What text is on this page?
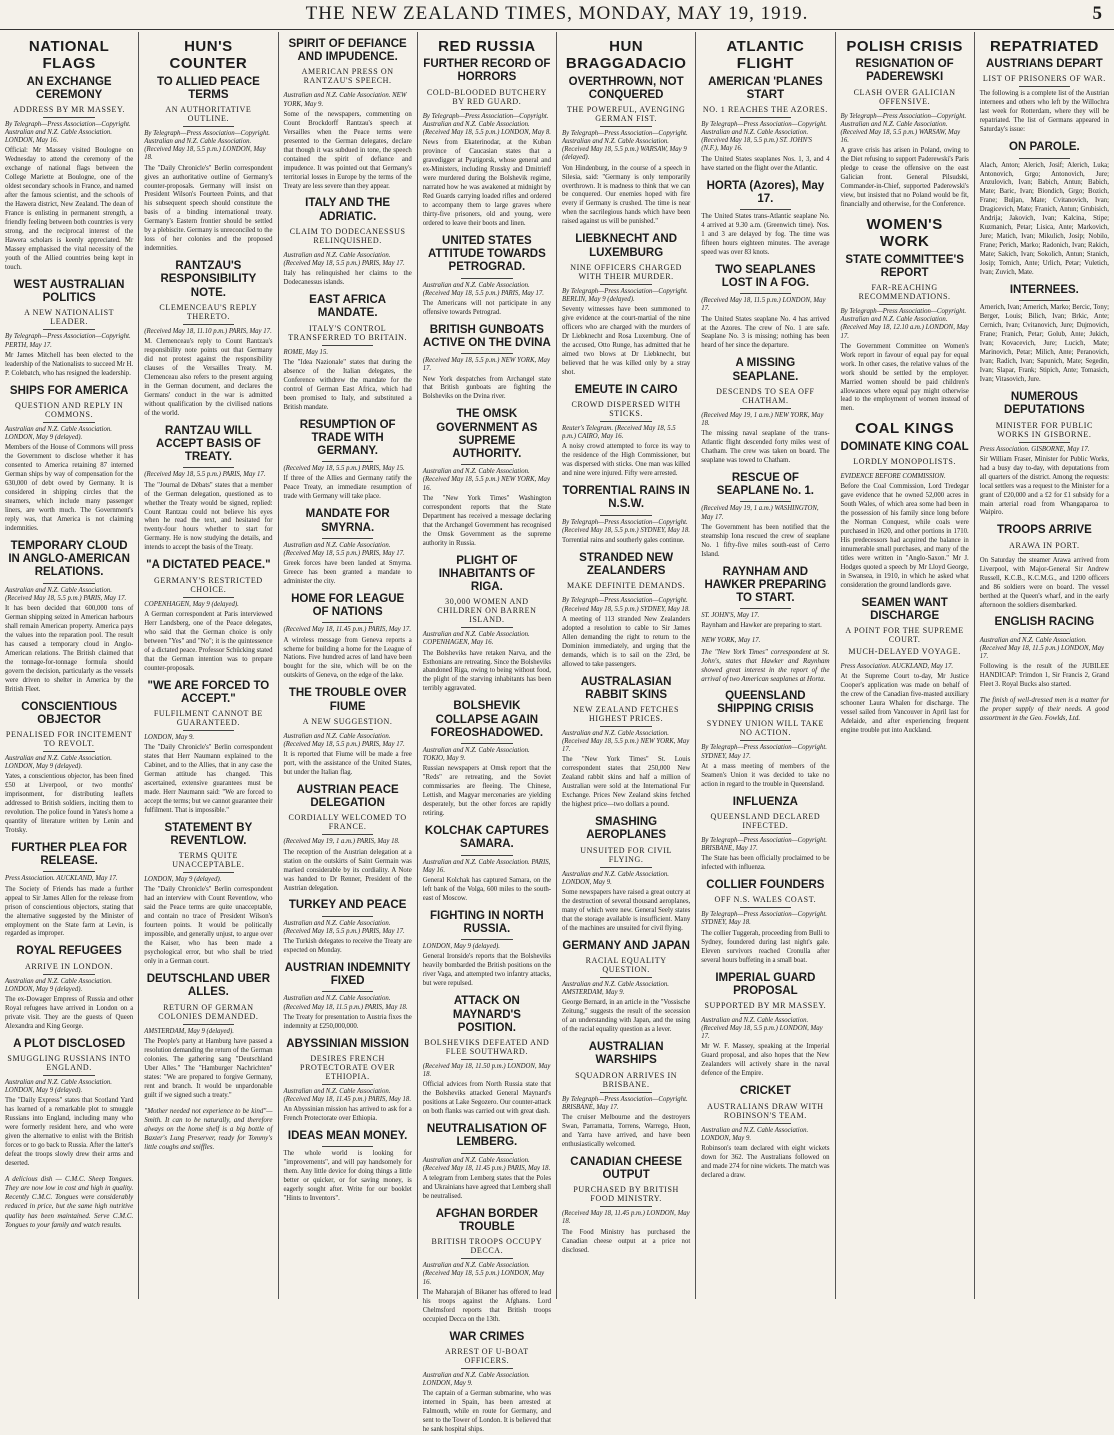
THE NEW ZEALAND TIMES, MONDAY, MAY 19, 1919.	5
NATIONAL FLAGS
AN EXCHANGE CEREMONY
ADDRESS BY MR MASSEY.
By Telegraph—Press Association—Copyright. Australian and N.Z. Cable Association. LONDON, May 16.
Official: Mr Massey visited Boulogne on Wednesday to attend the ceremony of the exchange of national flags between the College Mariette at Boulogne, one of the oldest secondary schools in France, and named after the famous scientist, and the schools of the Hawera district, New Zealand. The dean of France is enlisting in permanent strength, a friendly feeling between both countries is very strong, and the reciprocal interest of the Hawera scholars is keenly appreciated. Mr Massey emphasised the vital necessity of the youth of the Allied countries being kept in touch.
WEST AUSTRALIAN POLITICS
A NEW NATIONALIST LEADER.
By Telegraph—Press Association—Copyright. PERTH, May 17.
Mr James Mitchell has been elected to the leadership of the Nationalists to succeed Mr H. P. Colebatch, who has resigned the leadership.
SHIPS FOR AMERICA
QUESTION AND REPLY IN COMMONS.
Australian and N.Z. Cable Association. LONDON, May 9 (delayed).
Members of the House of Commons will press the Government to disclose whether it has consented to America retaining 87 interned German ships by way of compensation for the 630,000 of debt owed by Germany. It is considered in shipping circles that the steamers, which include many passenger liners, are worth much. The Government's reply was, that America is not claiming indemnities.
TEMPORARY CLOUD IN ANGLO-AMERICAN RELATIONS.
Australian and N.Z. Cable Association. (Received May 18, 5.5 p.m.) PARIS, May 17.
It has been decided that 600,000 tons of German shipping seized in American harbours shall remain American property. America pays the values into the reparation pool. The result has caused a temporary cloud in Anglo-American relations. The British claimed that the tonnage-for-tonnage formula should govern the decision, particularly as the vessels were driven to shelter in America by the British Fleet.
CONSCIENTIOUS OBJECTOR
PENALISED FOR INCITEMENT TO REVOLT.
Australian and N.Z. Cable Association. LONDON, May 9 (delayed).
Yates, a conscientious objector, has been fined £50 at Liverpool, or two months' imprisonment, for distributing leaflets addressed to British soldiers, inciting them to revolution. The police found in Yates's home a quantity of literature written by Lenin and Trotsky.
FURTHER PLEA FOR RELEASE.
Press Association. AUCKLAND, May 17.
The Society of Friends has made a further appeal to Sir James Allen for the release from prison of conscientious objectors, stating that the alternative suggested by the Minister of employment on the State farm at Levin, is regarded as improper.
ROYAL REFUGEES
ARRIVE IN LONDON.
Australian and N.Z. Cable Association. LONDON, May 9 (delayed).
The ex-Dowager Empress of Russia and other Royal refugees have arrived in London on a private visit. They are the guests of Queen Alexandra and King George.
A PLOT DISCLOSED
SMUGGLING RUSSIANS INTO ENGLAND.
Australian and N.Z. Cable Association. LONDON, May 9 (delayed).
The "Daily Express" states that Scotland Yard has learned of a remarkable plot to smuggle Russians into England, including many who were formerly resident here, and who were given the alternative to enlist with the British forces or to go back to Russia. After the latter's defeat the troops slowly drew their arms and deserted.
A delicious dish — C.M.C. Sheep Tongues. They are now low in cost and high in quality. Recently C.M.C. Tongues were considerably reduced in price, but the same high nutritive quality has been maintained. Serve C.M.C. Tongues to your family and watch results.
HUN'S COUNTER
TO ALLIED PEACE TERMS
AN AUTHORITATIVE OUTLINE.
By Telegraph—Press Association—Copyright. Australian and N.Z. Cable Association. (Received May 18, 5.5 p.m.) LONDON, May 18.
The "Daily Chronicle's" Berlin correspondent gives an authoritative outline of Germany's counter-proposals. Germany will insist on President Wilson's Fourteen Points, and that his subsequent speech should constitute the basis of a binding international treaty. Germany's Eastern frontier should be settled by a plebiscite. Germany is unreconciled to the loss of her colonies and the proposed indemnities.
RANTZAU'S RESPONSIBILITY NOTE.
CLEMENCEAU'S REPLY THERETO.
(Received May 18, 11.10 p.m.) PARIS, May 17.
M. Clemenceau's reply to Count Rantzau's responsibility note points out that Germany did not protest against the responsibility clauses of the Versailles Treaty. M. Clemenceau also refers to the present arguing in the German document, and declares the Germans' conduct in the war is admitted without qualification by the civilised nations of the world.
RANTZAU WILL ACCEPT BASIS OF TREATY.
(Received May 18, 5.5 p.m.) PARIS, May 17.
The "Journal de Débats" states that a member of the German delegation, questioned as to whether the Treaty would be signed, replied: Count Rantzau could not believe his eyes when he read the text, and hesitated for twenty-four hours whether to start for Germany. He is now studying the details, and intends to accept the basis of the Treaty.
"A DICTATED PEACE."
GERMANY'S RESTRICTED CHOICE.
COPENHAGEN, May 9 (delayed).
A German correspondent at Paris interviewed Herr Landsberg, one of the Peace delegates, who said that the German choice is only between "Yes" and "No"; it is the quintessence of a dictated peace. Professor Schücking stated that the German intention was to prepare counter-proposals.
"WE ARE FORCED TO ACCEPT."
FULFILMENT CANNOT BE GUARANTEED.
LONDON, May 9.
The "Daily Chronicle's" Berlin correspondent states that Herr Naumann explained to the Cabinet, and to the Allies, that in any case the German attitude has changed. This ascertained, extensive guarantees must be made. Herr Naumann said: "We are forced to accept the terms; but we cannot guarantee their fulfilment. That is impossible."
STATEMENT BY REVENTLOW.
TERMS QUITE UNACCEPTABLE.
LONDON, May 9 (delayed).
The "Daily Chronicle's" Berlin correspondent had an interview with Count Reventlow, who said the Peace terms are quite unacceptable, and contain no trace of President Wilson's fourteen points. It would be politically impossible, and generally unjust, to argue over the Kaiser, who has been made a psychological error, but who shall be tried only in a German court.
DEUTSCHLAND UBER ALLES.
RETURN OF GERMAN COLONIES DEMANDED.
AMSTERDAM, May 9 (delayed).
The People's party at Hamburg have passed a resolution demanding the return of the German colonies. The gathering sang "Deutschland Uber Alles." The "Hamburger Nachrichten" states: "We are prepared to forgive Germany, rent and branch. It would be unpardonable guilt if we signed such a treaty."
"Mother needed not experience to be kind"—Smith. It can to be naturally, and therefore always on the home shelf is a big bottle of Baxter's Lung Preserver, ready for Tommy's little coughs and sniffles.
SPIRIT OF DEFIANCE AND IMPUDENCE.
AMERICAN PRESS ON RANTZAU'S SPEECH.
Australian and N.Z. Cable Association. NEW YORK, May 9.
Some of the newspapers, commenting on Count Brockdorff Rantzau's speech at Versailles when the Peace terms were presented to the German delegates, declare that though it was subdued in tone, the speech contained the spirit of defiance and impudence. It was pointed out that Germany's territorial losses in Europe by the terms of the Treaty are less severe than they appear.
ITALY AND THE ADRIATIC.
CLAIM TO DODECANESSUS RELINQUISHED.
Australian and N.Z. Cable Association. (Received May 18, 5.5 p.m.) PARIS, May 17.
Italy has relinquished her claims to the Dodecanessus islands.
EAST AFRICA MANDATE.
ITALY'S CONTROL TRANSFERRED TO BRITAIN.
ROME, May 15.
The "Idea Nazionale" states that during the absence of the Italian delegates, the Conference withdrew the mandate for the control of German East Africa, which had been promised to Italy, and substituted a British mandate.
RESUMPTION OF TRADE WITH GERMANY.
(Received May 18, 5.5 p.m.) PARIS, May 15.
If three of the Allies and Germany ratify the Peace Treaty, an immediate resumption of trade with Germany will take place.
MANDATE FOR SMYRNA.
Australian and N.Z. Cable Association. (Received May 18, 5.5 p.m.) PARIS, May 17.
Greek forces have been landed at Smyrna. Greece has been granted a mandate to administer the city.
HOME FOR LEAGUE OF NATIONS
(Received May 18, 11.45 p.m.) PARIS, May 17.
A wireless message from Geneva reports a scheme for building a home for the League of Nations. Five hundred acres of land have been bought for the site, which will be on the outskirts of Geneva, on the edge of the lake.
THE TROUBLE OVER FIUME
A NEW SUGGESTION.
Australian and N.Z. Cable Association. (Received May 18, 5.5 p.m.) PARIS, May 17.
It is reported that Fiume will be made a free port, with the assistance of the United States, but under the Italian flag.
AUSTRIAN PEACE DELEGATION
CORDIALLY WELCOMED TO FRANCE.
(Received May 19, 1 a.m.) PARIS, May 18.
The reception of the Austrian delegation at a station on the outskirts of Saint Germain was marked considerable by its cordiality. A Note was handed to Dr Renner, President of the Austrian delegation.
TURKEY AND PEACE
Australian and N.Z. Cable Association. (Received May 18, 5.5 p.m.) PARIS, May 17.
The Turkish delegates to receive the Treaty are expected on Monday.
AUSTRIAN INDEMNITY FIXED
Australian and N.Z. Cable Association. (Received May 18, 11.5 p.m.) PARIS, May 18.
The Treaty for presentation to Austria fixes the indemnity at £250,000,000.
ABYSSINIAN MISSION
DESIRES FRENCH PROTECTORATE OVER ETHIOPIA.
Australian and N.Z. Cable Association. (Received May 18, 11.45 p.m.) PARIS, May 18.
An Abyssinian mission has arrived to ask for a French Protectorate over Ethiopia.
IDEAS MEAN MONEY.
The whole world is looking for "improvements", and will pay handsomely for them. Any little device for doing things a little better or quicker, or for saving money, is eagerly sought after. Write for our booklet "Hints to Inventors".
RED RUSSIA
FURTHER RECORD OF HORRORS
COLD-BLOODED BUTCHERY BY RED GUARD.
By Telegraph—Press Association—Copyright. Australian and N.Z. Cable Association. (Received May 18, 5.5 p.m.) LONDON, May 8.
News from Ekaterinodar, at the Kuban province of Caucasian states that a gravedigger at Pyatigorsk, whose general and ex-Ministers, including Russky and Dmitrieff were murdered during the Bolshevik regime, narrated how he was awakened at midnight by Red Guards carrying loaded rifles and ordered to accompany them to large graves where thirty-five prisoners, old and young, were ordered to leave their boots and linen.
UNITED STATES ATTITUDE TOWARDS PETROGRAD.
Australian and N.Z. Cable Association. (Received May 18, 5.5 p.m.) PARIS, May 17.
The Americans will not participate in any offensive towards Petrograd.
BRITISH GUNBOATS ACTIVE ON THE DVINA
(Received May 18, 5.5 p.m.) NEW YORK, May 17.
New York despatches from Archangel state that British gunboats are fighting the Bolsheviks on the Dvina river.
THE OMSK GOVERNMENT AS SUPREME AUTHORITY.
Australian and N.Z. Cable Association. (Received May 18, 5.5 p.m.) NEW YORK, May 16.
The "New York Times" Washington correspondent reports that the State Department has received a message declaring that the Archangel Government has recognised the Omsk Government as the supreme authority in Russia.
PLIGHT OF INHABITANTS OF RIGA.
30,000 WOMEN AND CHILDREN ON BARREN ISLAND.
Australian and N.Z. Cable Association. COPENHAGEN, May 16.
The Bolsheviks have retaken Narva, and the Esthonians are retreating. Since the Bolsheviks abandoned Riga, owing to being without food, the plight of the starving inhabitants has been terribly aggravated.
BOLSHEVIK COLLAPSE AGAIN FOREOSHADOWED.
Australian and N.Z. Cable Association. TOKIO, May 9.
Russian newspapers at Omsk report that the "Reds" are retreating, and the Soviet commissaries are fleeing. The Chinese, Lettish, and Magyar mercenaries are yielding desperately, but the other forces are rapidly retiring.
KOLCHAK CAPTURES SAMARA.
Australian and N.Z. Cable Association. PARIS, May 16.
General Kolchak has captured Samara, on the left bank of the Volga, 600 miles to the south-east of Moscow.
FIGHTING IN NORTH RUSSIA.
LONDON, May 9 (delayed).
General Ironside's reports that the Bolsheviks heavily bombarded the British positions on the river Vaga, and attempted two infantry attacks, but were repulsed.
ATTACK ON MAYNARD'S POSITION.
BOLSHEVIKS DEFEATED AND FLEE SOUTHWARD.
(Received May 18, 11.50 p.m.) LONDON, May 18.
Official advices from North Russia state that the Bolsheviks attacked General Maynard's positions at Lake Segozero. Our counter-attack on both flanks was carried out with great dash.
NEUTRALISATION OF LEMBERG.
Australian and N.Z. Cable Association. (Received May 18, 11.45 p.m.) PARIS, May 18.
A telegram from Lemberg states that the Poles and Ukrainians have agreed that Lemberg shall be neutralised.
AFGHAN BORDER TROUBLE
BRITISH TROOPS OCCUPY DECCA.
Australian and N.Z. Cable Association. (Received May 18, 5.5 p.m.) LONDON, May 16.
The Maharajah of Bikaner has offered to lead his troops against the Afghans. Lord Chelmsford reports that British troops occupied Decca on the 13th.
WAR CRIMES
ARREST OF U-BOAT OFFICERS.
Australian and N.Z. Cable Association. LONDON, May 9.
The captain of a German submarine, who was interned in Spain, has been arrested at Falmouth, while en route for Germany, and sent to the Tower of London. It is believed that he sank hospital ships.
HUN BRAGGADACIO
OVERTHROWN, NOT CONQUERED
THE POWERFUL, AVENGING GERMAN FIST.
By Telegraph—Press Association—Copyright. Australian and N.Z. Cable Association. (Received May 18, 5.5 p.m.) WARSAW, May 9 (delayed).
Von Hindenburg, in the course of a speech in Silesia, said: "Germany is only temporarily overthrown. It is madness to think that we can be conquered. Our enemies hoped with fire every if Germany is crushed. The time is near when the sacrilegious hands which have been raised against us will be punished."
LIEBKNECHT AND LUXEMBURG
NINE OFFICERS CHARGED WITH THEIR MURDER.
By Telegraph—Press Association—Copyright. BERLIN, May 9 (delayed).
Seventy witnesses have been summoned to give evidence at the court-martial of the nine officers who are charged with the murders of Dr Liebknecht and Rosa Luxemburg. One of the accused, Otto Runge, has admitted that he aimed two blows at Dr Liebknecht, but believed that he was killed only by a stray shot.
EMEUTE IN CAIRO
CROWD DISPERSED WITH STICKS.
Reuter's Telegram. (Received May 18, 5.5 p.m.) CAIRO, May 16.
A noisy crowd attempted to force its way to the residence of the High Commissioner, but was dispersed with sticks. One man was killed and nine were injured. Fifty were arrested.
TORRENTIAL RAINS IN N.S.W.
By Telegraph—Press Association—Copyright. (Received May 18, 5.5 p.m.) SYDNEY, May 18.
Torrential rains and southerly gales continue.
STRANDED NEW ZEALANDERS
MAKE DEFINITE DEMANDS.
By Telegraph—Press Association—Copyright. (Received May 18, 5.5 p.m.) SYDNEY, May 18.
A meeting of 113 stranded New Zealanders adopted a resolution to cable to Sir James Allen demanding the right to return to the Dominion immediately, and urging that the demands, which is to sail on the 23rd, be allowed to take passengers.
AUSTRALASIAN RABBIT SKINS
NEW ZEALAND FETCHES HIGHEST PRICES.
Australian and N.Z. Cable Association. (Received May 18, 5.5 p.m.) NEW YORK, May 17.
The "New York Times" St. Louis correspondent states that 250,000 New Zealand rabbit skins and half a million of Australian were sold at the International Fur Exchange. Prices New Zealand skins fetched the highest price—two dollars a pound.
SMASHING AEROPLANES
UNSUITED FOR CIVIL FLYING.
Australian and N.Z. Cable Association. LONDON, May 9.
Some newspapers have raised a great outcry at the destruction of several thousand aeroplanes, many of which were new. General Seely states that the storage available is insufficient. Many of the machines are unsuited for civil flying.
GERMANY AND JAPAN
RACIAL EQUALITY QUESTION.
Australian and N.Z. Cable Association. AMSTERDAM, May 9.
George Bernard, in an article in the "Vossische Zeitung," suggests the result of the secession of an understanding with Japan, and the using of the racial equality question as a lever.
AUSTRALIAN WARSHIPS
SQUADRON ARRIVES IN BRISBANE.
By Telegraph—Press Association—Copyright. BRISBANE, May 17.
The cruiser Melbourne and the destroyers Swan, Parramatta, Torrens, Warrego, Huon, and Yarra have arrived, and have been enthusiastically welcomed.
CANADIAN CHEESE OUTPUT
PURCHASED BY BRITISH FOOD MINISTRY.
(Received May 18, 11.45 p.m.) LONDON, May 18.
The Food Ministry has purchased the Canadian cheese output at a price not disclosed.
ATLANTIC FLIGHT
AMERICAN 'PLANES START
NO. 1 REACHES THE AZORES.
By Telegraph—Press Association—Copyright. Australian and N.Z. Cable Association. (Received May 18, 5.5 p.m.) ST. JOHN'S (N.F.), May 16.
The United States seaplanes Nos. 1, 3, and 4 have started on the flight over the Atlantic.
HORTA (Azores), May 17.
The United States trans-Atlantic seaplane No. 4 arrived at 9.30 a.m. (Greenwich time). Nos. 1 and 3 are delayed by fog. The time was fifteen hours eighteen minutes. The average speed was over 83 knots.
TWO SEAPLANES LOST IN A FOG.
(Received May 18, 11.5 p.m.) LONDON, May 17.
The United States seaplane No. 4 has arrived at the Azores. The crew of No. 1 are safe. Seaplane No. 3 is missing; nothing has been heard of her since the departure.
A MISSING SEAPLANE.
DESCENDS TO SEA OFF CHATHAM.
(Received May 19, 1 a.m.) NEW YORK, May 18.
The missing naval seaplane of the trans-Atlantic flight descended forty miles west of Chatham. The crew was taken on board. The seaplane was towed to Chatham.
RESCUE OF SEAPLANE No. 1.
(Received May 19, 1 a.m.) WASHINGTON, May 17.
The Government has been notified that the steamship Iona rescued the crew of seaplane No. 1 fifty-five miles south-east of Cerro Island.
RAYNHAM AND HAWKER PREPARING TO START.
ST. JOHN'S, May 17.
Raynham and Hawker are preparing to start.
NEW YORK, May 17.
The "New York Times" correspondent at St. John's, states that Hawker and Raynham showed great interest in the report of the arrival of two American seaplanes at Horta.
QUEENSLAND SHIPPING CRISIS
SYDNEY UNION WILL TAKE NO ACTION.
By Telegraph—Press Association—Copyright. SYDNEY, May 17.
At a mass meeting of members of the Seamen's Union it was decided to take no action in regard to the trouble in Queensland.
INFLUENZA
QUEENSLAND DECLARED INFECTED.
By Telegraph—Press Association—Copyright. BRISBANE, May 17.
The State has been officially proclaimed to be infected with influenza.
COLLIER FOUNDERS
OFF N.S. WALES COAST.
By Telegraph—Press Association—Copyright. SYDNEY, May 18.
The collier Tuggerah, proceeding from Bulli to Sydney, foundered during last night's gale. Eleven survivors reached Cronulla after several hours buffeting in a small boat.
IMPERIAL GUARD PROPOSAL
SUPPORTED BY MR MASSEY.
Australian and N.Z. Cable Association. (Received May 18, 5.5 p.m.) LONDON, May 17.
Mr W. F. Massey, speaking at the Imperial Guard proposal, and also hopes that the New Zealanders will actively share in the naval defence of the Empire.
CRICKET
AUSTRALIANS DRAW WITH ROBINSON'S TEAM.
Australian and N.Z. Cable Association. LONDON, May 9.
Robinson's team declared with eight wickets down for 362. The Australians followed on and made 274 for nine wickets. The match was declared a draw.
POLISH CRISIS
RESIGNATION OF PADEREWSKI
CLASH OVER GALICIAN OFFENSIVE.
By Telegraph—Press Association—Copyright. Australian and N.Z. Cable Association. (Received May 18, 5.5 p.m.) WARSAW, May 16.
A grave crisis has arisen in Poland, owing to the Diet refusing to support Paderewski's Paris pledge to cease the offensive on the east Galician front. General Pilsudski, Commander-in-Chief, supported Paderewski's view, but insisted that no Poland would be fit, financially and otherwise, for the Conference.
WOMEN'S WORK
STATE COMMITTEE'S REPORT
FAR-REACHING RECOMMENDATIONS.
By Telegraph—Press Association—Copyright. Australian and N.Z. Cable Association. (Received May 18, 12.10 a.m.) LONDON, May 17.
The Government Committee on Women's Work report in favour of equal pay for equal work. In other cases, the relative values of the work should be settled by the employer. Married women should be paid children's allowances where equal pay might otherwise lead to the employment of women instead of men.
COAL KINGS
DOMINATE KING COAL
LORDLY MONOPOLISTS.
EVIDENCE BEFORE COMMISSION.
Before the Coal Commission, Lord Tredegar gave evidence that he owned 52,000 acres in South Wales, of which area some had been in the possession of his family since long before the Norman Conquest, while coals were purchased in 1620, and other portions in 1710. His predecessors had acquired the balance in innumerable small purchases, and many of the titles were written in "Anglo-Saxon." Mr J. Hodges quoted a speech by Mr Lloyd George, in Swansea, in 1910, in which he asked what consideration the ground landlords gave.
SEAMEN WANT DISCHARGE
A POINT FOR THE SUPREME COURT.
MUCH-DELAYED VOYAGE.
Press Association. AUCKLAND, May 17.
At the Supreme Court to-day, Mr Justice Cooper's application was made on behalf of the crew of the Canadian five-masted auxiliary schooner Laura Whalen for discharge. The vessel sailed from Vancouver in April last for Adelaide, and after experiencing frequent engine trouble put into Auckland.
REPATRIATED
AUSTRIANS DEPART
LIST OF PRISONERS OF WAR.
The following is a complete list of the Austrian internees and others who left by the Willochra last week for Rotterdam, where they will be repatriated. The list of Germans appeared in Saturday's issue:
ON PAROLE.
Alach, Anton; Alerich, Josif; Alerich, Luka; Antonovich, Grgo; Antonovich, Jure; Anzulovich, Ivan; Babich, Antun; Babich, Mate; Baric, Ivan; Biondich, Grgo; Bozich, Frane; Buljan, Mate; Cvitanovich, Ivan; Dragicevich, Mate; Franich, Antun; Grubisich, Andrija; Jakovich, Ivan; Kalcina, Stipe; Kuzmanich, Petar; Lisica, Ante; Markovich, Jure; Matich, Ivan; Mikulich, Josip; Nobilo, Frane; Perich, Marko; Radonich, Ivan; Rakich, Mate; Sakich, Ivan; Sokolich, Antun; Stanich, Josip; Tomich, Ante; Urlich, Petar; Vuletich, Ivan; Zuvich, Mate.
INTERNEES.
Arnerich, Ivan; Arnerich, Marko; Bercic, Tony; Berger, Louis; Bilich, Ivan; Brkic, Ante; Cernich, Ivan; Cvitanovich, Jure; Dujmovich, Frane; Franich, Petar; Golub, Ante; Jukich, Ivan; Kovacevich, Jure; Lucich, Mate; Marinovich, Petar; Milich, Ante; Peranovich, Ivan; Radich, Ivan; Sapunich, Mate; Segedin, Ivan; Slapar, Frank; Stipich, Ante; Tomasich, Ivan; Vitasovich, Jure.
NUMEROUS DEPUTATIONS
MINISTER FOR PUBLIC WORKS IN GISBORNE.
Press Association. GISBORNE, May 17.
Sir William Fraser, Minister for Public Works, had a busy day to-day, with deputations from all quarters of the district. Among the requests: local settlers was a request to the Minister for a grant of £20,000 and a £2 for £1 subsidy for a main arterial road from Whangaparoa to Waipiro.
TROOPS ARRIVE
ARAWA IN PORT.
On Saturday the steamer Arawa arrived from Liverpool, with Major-General Sir Andrew Russell, K.C.B., K.C.M.G., and 1200 officers and 86 soldiers were on board. The vessel berthed at the Queen's wharf, and in the early afternoon the soldiers disembarked.
ENGLISH RACING
Australian and N.Z. Cable Association. (Received May 18, 11.5 p.m.) LONDON, May 17.
Following is the result of the JUBILEE HANDICAP: Trimdon 1, Sir Francis 2, Grand Fleet 3. Royal Bucks also started.
The finish of well-dressed men is a matter for the proper supply of their needs. A good assortment in the Geo. Fowlds, Ltd.
